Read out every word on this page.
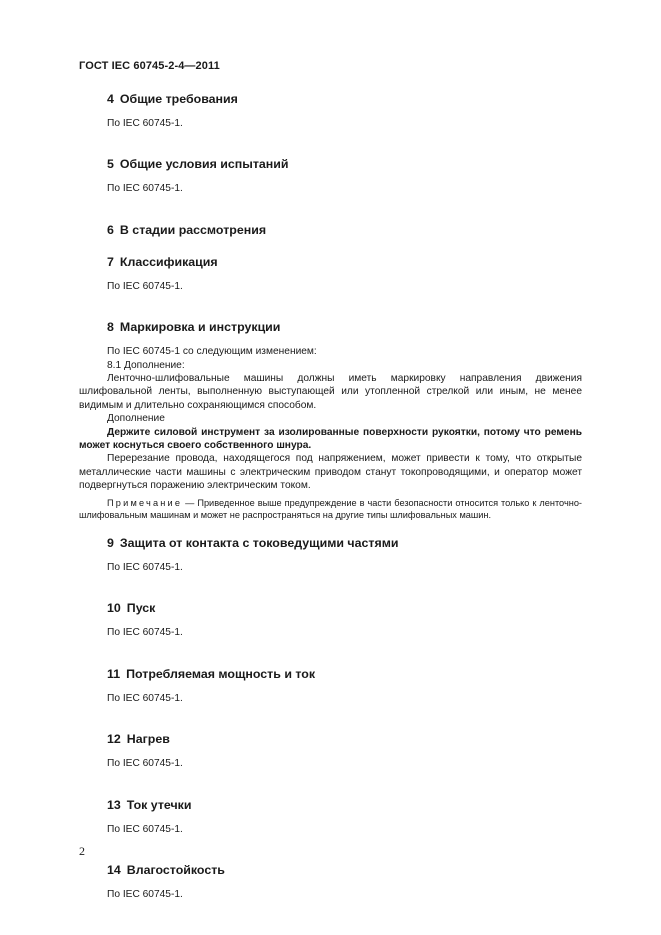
ГОСТ IEC 60745-2-4—2011
4 Общие требования

По IEC 60745-1.

5 Общие условия испытаний

По IEC 60745-1.

6 В стадии рассмотрения
7 Классификация

По IEC 60745-1.

8 Маркировка и инструкции

По IEC 60745-1 со следующим изменением:

8.1 Дополнение:

Ленточно-шлифовальные машины должны иметь маркировку направления движения шлифовальной ленты, выполненную выступающей или утопленной стрелкой или иным, не менее видимым и длительно сохраняющимся способом.

Дополнение

Держите силовой инструмент за изолированные поверхности рукоятки, потому что ремень может коснуться своего собственного шнура.

Перерезание провода, находящегося под напряжением, может привести к тому, что открытые металлические части машины с электрическим приводом станут токопроводящими, и оператор может подвергнуться поражению электрическим током.

Примечание — Приведенное выше предупреждение в части безопасности относится только к ленточно-шлифовальным машинам и может не распространяться на другие типы шлифовальных машин.

9 Защита от контакта с токоведущими частями

По IEC 60745-1.

10 Пуск

По IEC 60745-1.

11 Потребляемая мощность и ток

По IEC 60745-1.

12 Нагрев

По IEC 60745-1.

13 Ток утечки

По IEC 60745-1.

14 Влагостойкость

По IEC 60745-1.

2
